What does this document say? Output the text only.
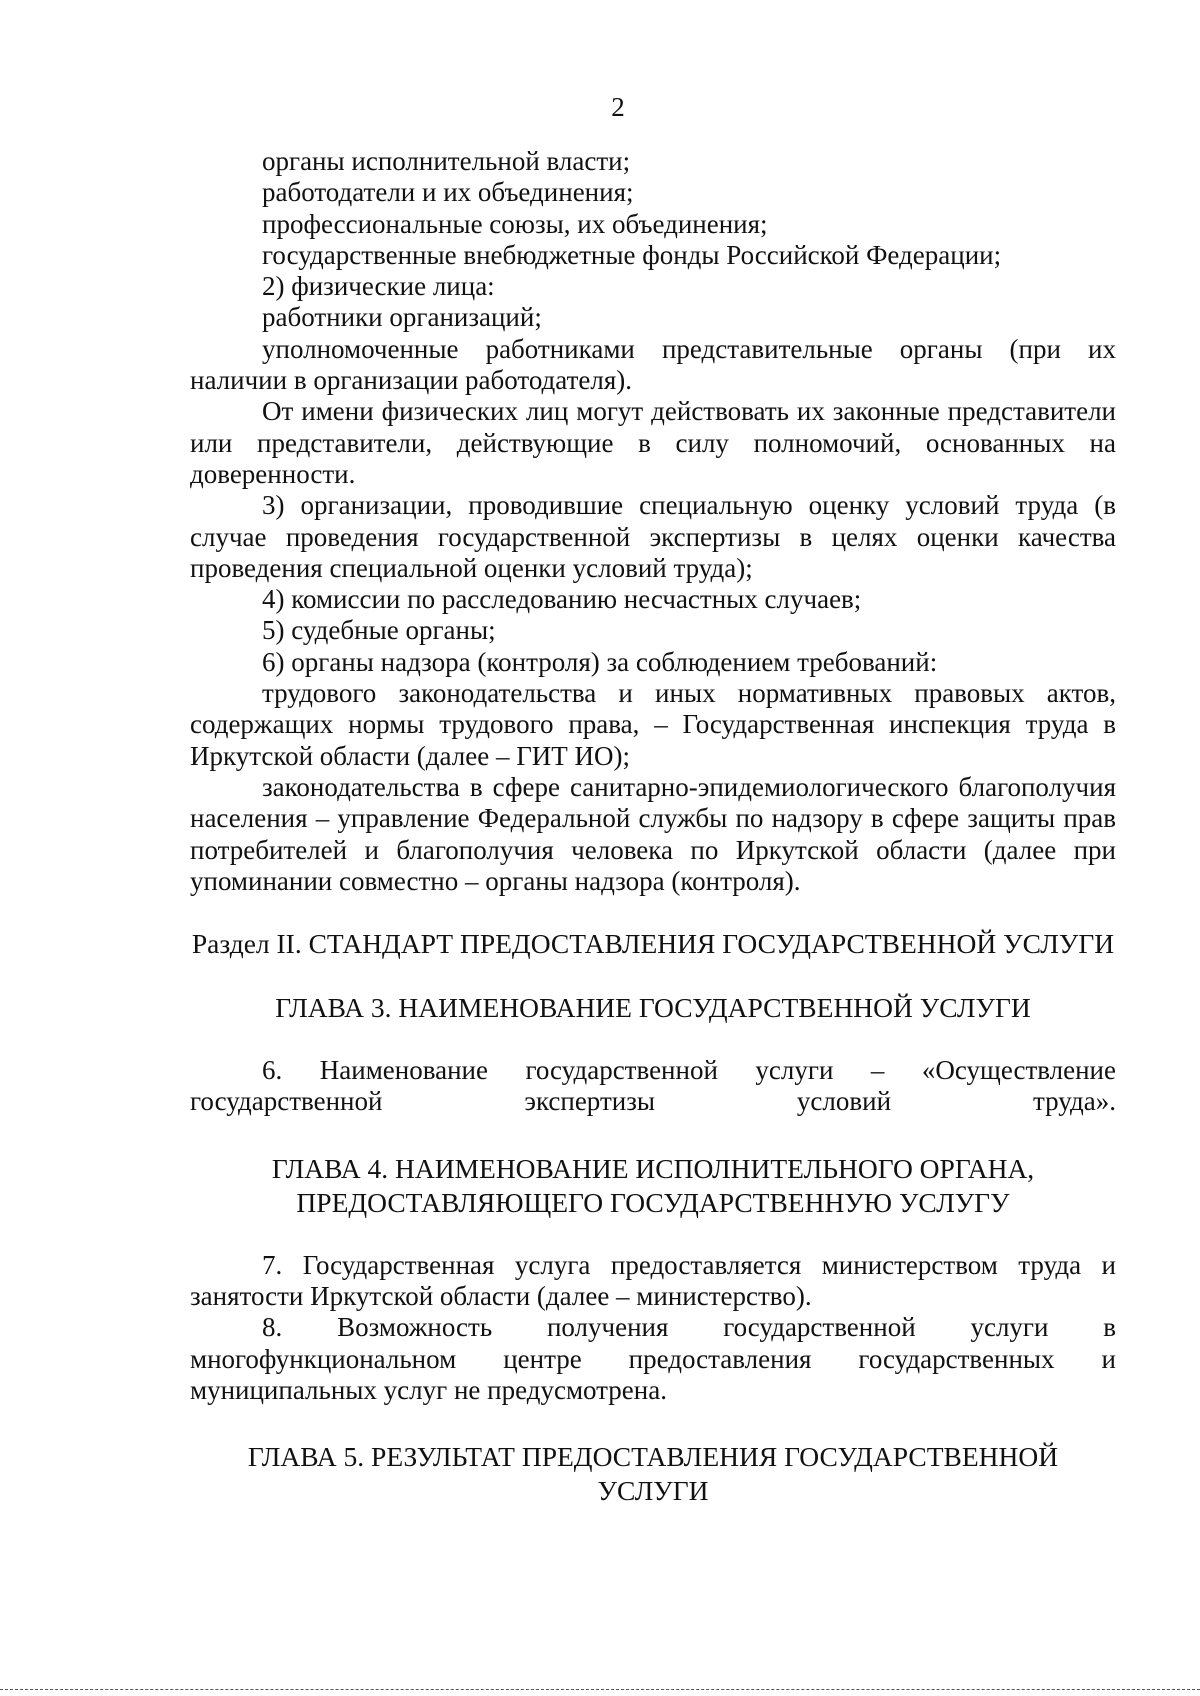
2

органы исполнительной власти;

работодатели и их объединения;

профессиональные союзы, их объединения;

государственные внебюджетные фонды Российской Федерации;

2) физические лица:

работники организаций;

уполномоченные работниками представительные органы (при их наличии в организации работодателя).

От имени физических лиц могут действовать их законные представители или представители, действующие в силу полномочий, основанных на доверенности.

3) организации, проводившие специальную оценку условий труда (в случае проведения государственной экспертизы в целях оценки качества проведения специальной оценки условий труда);

4) комиссии по расследованию несчастных случаев;

5) судебные органы;

6) органы надзора (контроля) за соблюдением требований:

трудового законодательства и иных нормативных правовых актов, содержащих нормы трудового права, – Государственная инспекция труда в Иркутской области (далее – ГИТ ИО);

законодательства в сфере санитарно-эпидемиологического благополучия населения – управление Федеральной службы по надзору в сфере защиты прав потребителей и благополучия человека по Иркутской области (далее при упоминании совместно – органы надзора (контроля).

Раздел II. СТАНДАРТ ПРЕДОСТАВЛЕНИЯ ГОСУДАРСТВЕННОЙ УСЛУГИ
ГЛАВА 3. НАИМЕНОВАНИЕ ГОСУДАРСТВЕННОЙ УСЛУГИ

6. Наименование государственной услуги – «Осуществление государственной экспертизы условий труда».

ГЛАВА 4. НАИМЕНОВАНИЕ ИСПОЛНИТЕЛЬНОГО ОРГАНА,
ПРЕДОСТАВЛЯЮЩЕГО ГОСУДАРСТВЕННУЮ УСЛУГУ

7. Государственная услуга предоставляется министерством труда и занятости Иркутской области (далее – министерство).

8. Возможность получения государственной услуги в многофункциональном центре предоставления государственных и муниципальных услуг не предусмотрена.

ГЛАВА 5. РЕЗУЛЬТАТ ПРЕДОСТАВЛЕНИЯ ГОСУДАРСТВЕННОЙ
УСЛУГИ
